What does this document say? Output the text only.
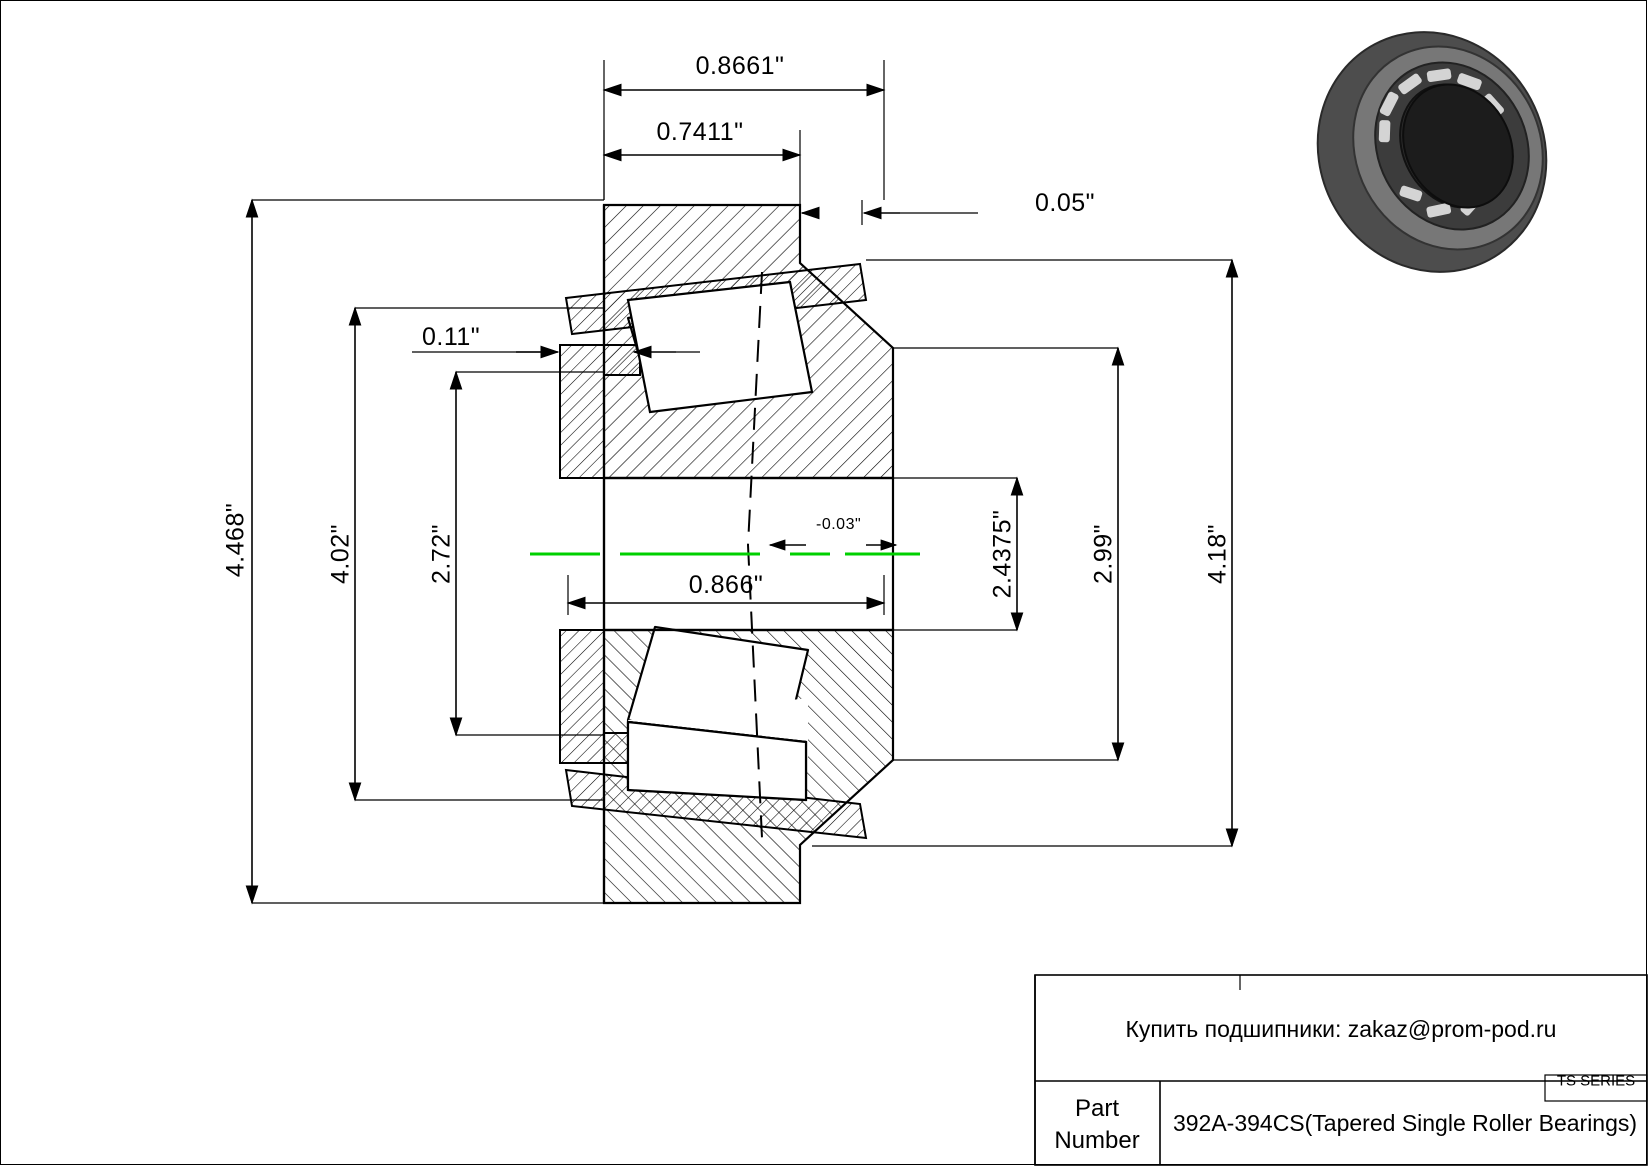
0.8661"
0.7411"
0.05"
0.11"
0.866"
-0.03"
4.468"	4.02"	2.72"	2.4375"	2.99"	4.18"
Купить подшипники: zakaz@prom-pod.ru
TS SERIES
Part
Number
392A-394CS(Tapered Single Roller Bearings)
